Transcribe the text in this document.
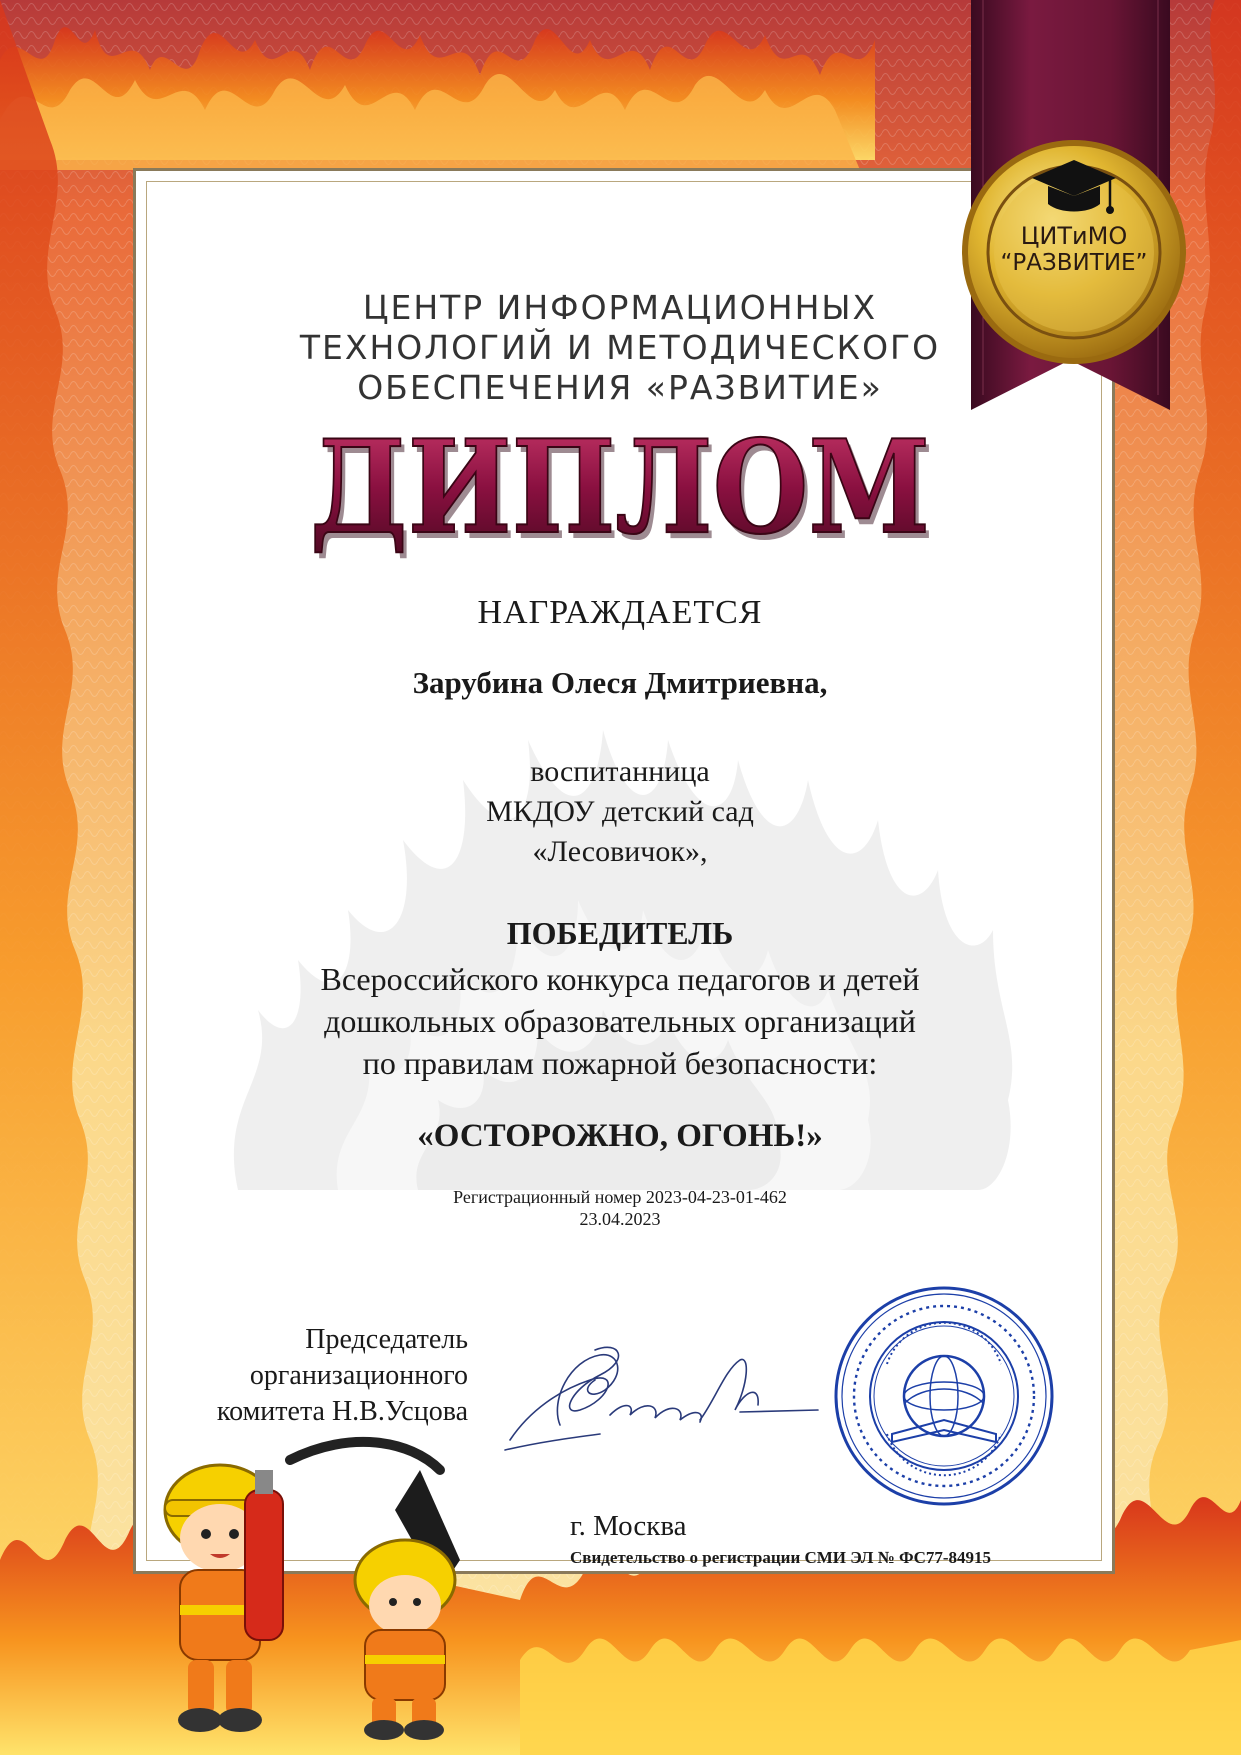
ЦЕНТР ИНФОРМАЦИОННЫХ
ТЕХНОЛОГИЙ И МЕТОДИЧЕСКОГО
ОБЕСПЕЧЕНИЯ «РАЗВИТИЕ»
ДИПЛОМ
ДИПЛОМ
НАГРАЖДАЕТСЯ
Зарубина Олеся Дмитриевна,
воспитанница
МКДОУ детский сад
«Лесовичок»,
ПОБЕДИТЕЛЬ
Всероссийского конкурса педагогов и детей
дошкольных образовательных организаций
по правилам пожарной безопасности:
«ОСТОРОЖНО, ОГОНЬ!»
Регистрационный номер 2023-04-23-01-462
23.04.2023
Председатель
организационного
комитета Н.В.Усцова
г. Москва
Свидетельство о регистрации СМИ ЭЛ № ФС77-84915
ЦИТиМО
“РАЗВИТИЕ”
